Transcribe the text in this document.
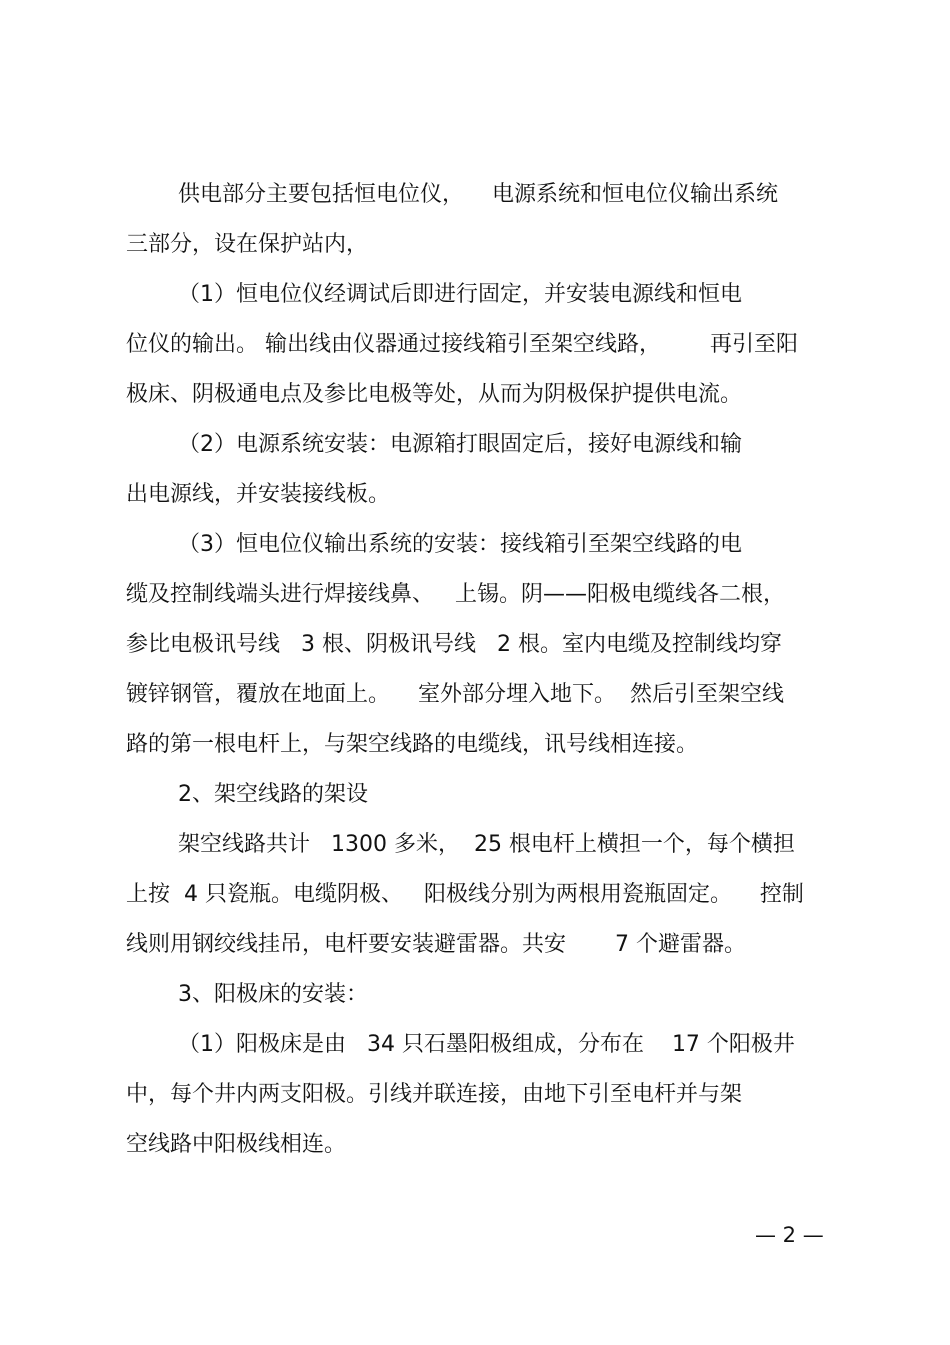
供电部分主要包括恒电位仪，    电源系统和恒电位仪输出系统
三部分，设在保护站内，
（1）恒电位仪经调试后即进行固定，并安装电源线和恒电
位仪的输出。 输出线由仪器通过接线箱引至架空线路，       再引至阳
极床、阴极通电点及参比电极等处，从而为阴极保护提供电流。
（2）电源系统安装：电源箱打眼固定后，接好电源线和输
出电源线，并安装接线板。
（3）恒电位仪输出系统的安装：接线箱引至架空线路的电
缆及控制线端头进行焊接线鼻、   上锡。阴——阳极电缆线各二根，
参比电极讯号线   3 根、阴极讯号线   2 根。室内电缆及控制线均穿
镀锌钢管，覆放在地面上。    室外部分埋入地下。  然后引至架空线
路的第一根电杆上，与架空线路的电缆线，讯号线相连接。
2、架空线路的架设
架空线路共计   1300 多米，  25 根电杆上横担一个，每个横担
上按  4 只瓷瓶。电缆阴极、   阳极线分别为两根用瓷瓶固定。    控制
线则用钢绞线挂吊，电杆要安装避雷器。共安       7 个避雷器。
3、阳极床的安装：
（1）阳极床是由   34 只石墨阳极组成，分布在    17 个阳极井
中，每个井内两支阳极。引线并联连接，由地下引至电杆并与架
空线路中阳极线相连。
— 2 —
